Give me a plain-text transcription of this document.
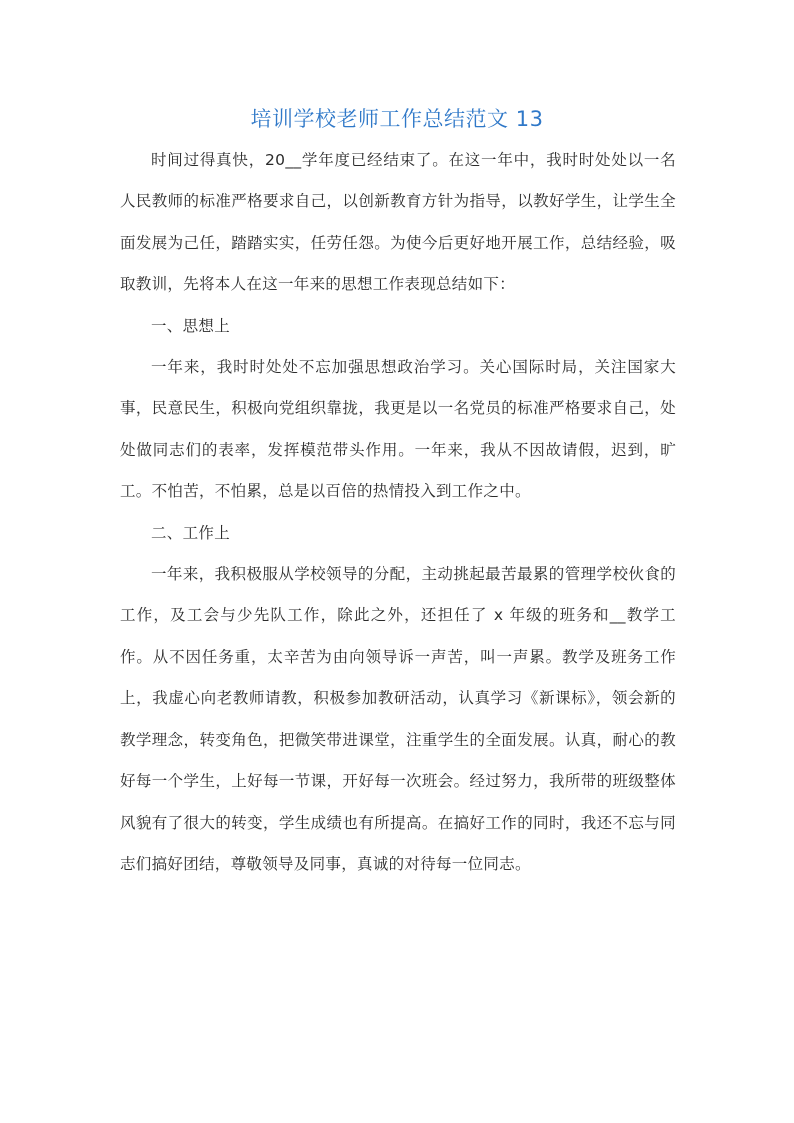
培训学校老师工作总结范文 13

时间过得真快，20__学年度已经结束了。在这一年中，我时时处处以一名人民教师的标准严格要求自己，以创新教育方针为指导，以教好学生，让学生全面发展为己任，踏踏实实，任劳任怨。为使今后更好地开展工作，总结经验，吸取教训，先将本人在这一年来的思想工作表现总结如下：

一、思想上

一年来，我时时处处不忘加强思想政治学习。关心国际时局，关注国家大事，民意民生，积极向党组织靠拢，我更是以一名党员的标准严格要求自己，处处做同志们的表率，发挥模范带头作用。一年来，我从不因故请假，迟到，旷工。不怕苦，不怕累，总是以百倍的热情投入到工作之中。

二、工作上

一年来，我积极服从学校领导的分配，主动挑起最苦最累的管理学校伙食的工作，及工会与少先队工作，除此之外，还担任了 x 年级的班务和__教学工作。从不因任务重，太辛苦为由向领导诉一声苦，叫一声累。教学及班务工作上，我虚心向老教师请教，积极参加教研活动，认真学习《新课标》，领会新的教学理念，转变角色，把微笑带进课堂，注重学生的全面发展。认真，耐心的教好每一个学生，上好每一节课，开好每一次班会。经过努力，我所带的班级整体风貌有了很大的转变，学生成绩也有所提高。在搞好工作的同时，我还不忘与同志们搞好团结，尊敬领导及同事，真诚的对待每一位同志。
